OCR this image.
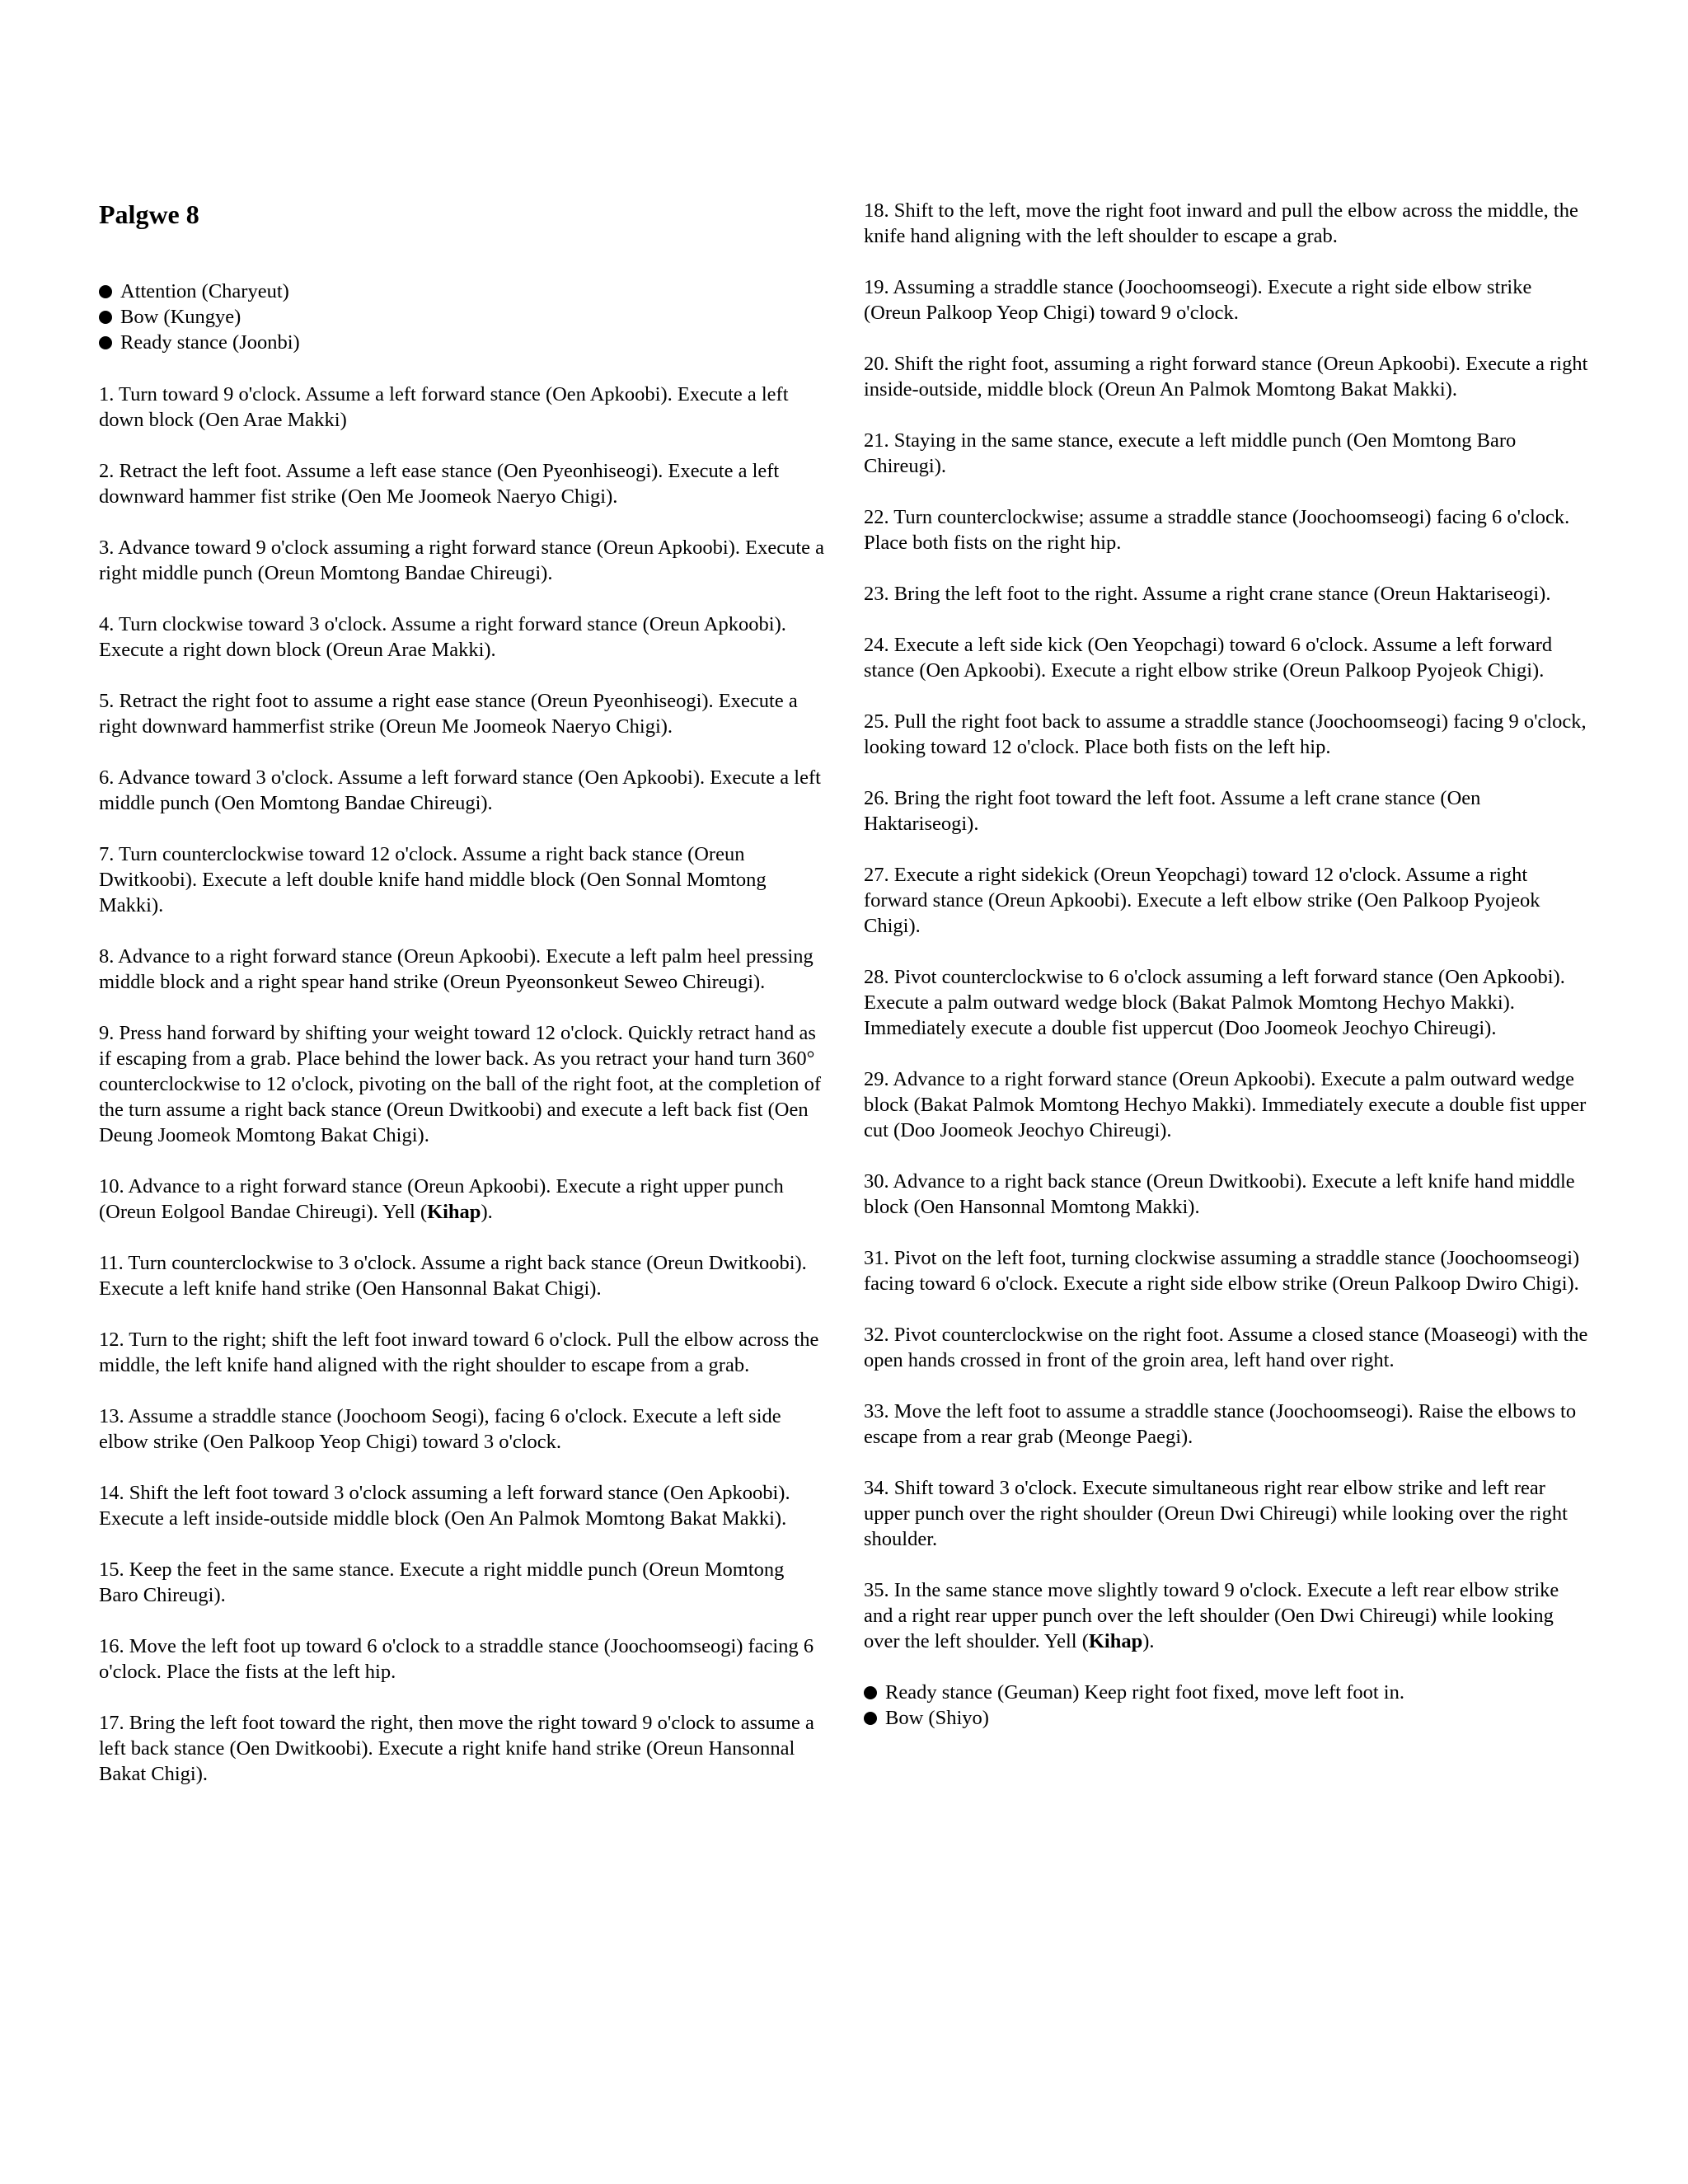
Palgwe 8
Attention (Charyeut)
Bow (Kungye)
Ready stance (Joonbi)
1. Turn toward 9 o'clock. Assume a left forward stance (Oen Apkoobi). Execute a left down block (Oen Arae Makki)
2. Retract the left foot. Assume a left ease stance (Oen Pyeonhiseogi). Execute a left downward hammer fist strike (Oen Me Joomeok Naeryo Chigi).
3. Advance toward 9 o'clock assuming a right forward stance (Oreun Apkoobi). Execute a right middle punch (Oreun Momtong Bandae Chireugi).
4. Turn clockwise toward 3 o'clock. Assume a right forward stance (Oreun Apkoobi). Execute a right down block (Oreun Arae Makki).
5. Retract the right foot to assume a right ease stance (Oreun Pyeonhiseogi). Execute a right downward hammerfist strike (Oreun Me Joomeok Naeryo Chigi).
6. Advance toward 3 o'clock. Assume a left forward stance (Oen Apkoobi). Execute a left middle punch (Oen Momtong Bandae Chireugi).
7. Turn counterclockwise toward 12 o'clock. Assume a right back stance (Oreun Dwitkoobi). Execute a left double knife hand middle block (Oen Sonnal Momtong Makki).
8. Advance to a right forward stance (Oreun Apkoobi). Execute a left palm heel pressing middle block and a right spear hand strike (Oreun Pyeonsonkeut Seweo Chireugi).
9. Press hand forward by shifting your weight toward 12 o'clock. Quickly retract hand as if escaping from a grab. Place behind the lower back. As you retract your hand turn 360° counterclockwise to 12 o'clock, pivoting on the ball of the right foot, at the completion of the turn assume a right back stance (Oreun Dwitkoobi) and execute a left back fist (Oen Deung Joomeok Momtong Bakat Chigi).
10. Advance to a right forward stance (Oreun Apkoobi). Execute a right upper punch (Oreun Eolgool Bandae Chireugi). Yell (Kihap).
11. Turn counterclockwise to 3 o'clock. Assume a right back stance (Oreun Dwitkoobi). Execute a left knife hand strike (Oen Hansonnal Bakat Chigi).
12. Turn to the right; shift the left foot inward toward 6 o'clock. Pull the elbow across the middle, the left knife hand aligned with the right shoulder to escape from a grab.
13. Assume a straddle stance (Joochoom Seogi), facing 6 o'clock. Execute a left side elbow strike (Oen Palkoop Yeop Chigi) toward 3 o'clock.
14. Shift the left foot toward 3 o'clock assuming a left forward stance (Oen Apkoobi). Execute a left inside-outside middle block (Oen An Palmok Momtong Bakat Makki).
15. Keep the feet in the same stance. Execute a right middle punch (Oreun Momtong Baro Chireugi).
16. Move the left foot up toward 6 o'clock to a straddle stance (Joochoomseogi) facing 6 o'clock. Place the fists at the left hip.
17. Bring the left foot toward the right, then move the right toward 9 o'clock to assume a left back stance (Oen Dwitkoobi). Execute a right knife hand strike (Oreun Hansonnal Bakat Chigi).
18. Shift to the left, move the right foot inward and pull the elbow across the middle, the knife hand aligning with the left shoulder to escape a grab.
19. Assuming a straddle stance (Joochoomseogi). Execute a right side elbow strike (Oreun Palkoop Yeop Chigi) toward 9 o'clock.
20. Shift the right foot, assuming a right forward stance (Oreun Apkoobi). Execute a right inside-outside, middle block (Oreun An Palmok Momtong Bakat Makki).
21. Staying in the same stance, execute a left middle punch (Oen Momtong Baro Chireugi).
22. Turn counterclockwise; assume a straddle stance (Joochoomseogi) facing 6 o'clock. Place both fists on the right hip.
23. Bring the left foot to the right. Assume a right crane stance (Oreun Haktariseogi).
24. Execute a left side kick (Oen Yeopchagi) toward 6 o'clock. Assume a left forward stance (Oen Apkoobi). Execute a right elbow strike (Oreun Palkoop Pyojeok Chigi).
25. Pull the right foot back to assume a straddle stance (Joochoomseogi) facing 9 o'clock, looking toward 12 o'clock. Place both fists on the left hip.
26. Bring the right foot toward the left foot. Assume a left crane stance (Oen Haktariseogi).
27. Execute a right sidekick (Oreun Yeopchagi) toward 12 o'clock. Assume a right forward stance (Oreun Apkoobi). Execute a left elbow strike (Oen Palkoop Pyojeok Chigi).
28. Pivot counterclockwise to 6 o'clock assuming a left forward stance (Oen Apkoobi). Execute a palm outward wedge block (Bakat Palmok Momtong Hechyo Makki). Immediately execute a double fist uppercut (Doo Joomeok Jeochyo Chireugi).
29. Advance to a right forward stance (Oreun Apkoobi). Execute a palm outward wedge block (Bakat Palmok Momtong Hechyo Makki). Immediately execute a double fist upper cut (Doo Joomeok Jeochyo Chireugi).
30. Advance to a right back stance (Oreun Dwitkoobi). Execute a left knife hand middle block (Oen Hansonnal Momtong Makki).
31. Pivot on the left foot, turning clockwise assuming a straddle stance (Joochoomseogi) facing toward 6 o'clock. Execute a right side elbow strike (Oreun Palkoop Dwiro Chigi).
32. Pivot counterclockwise on the right foot. Assume a closed stance (Moaseogi) with the open hands crossed in front of the groin area, left hand over right.
33. Move the left foot to assume a straddle stance (Joochoomseogi). Raise the elbows to escape from a rear grab (Meonge Paegi).
34. Shift toward 3 o'clock. Execute simultaneous right rear elbow strike and left rear upper punch over the right shoulder (Oreun Dwi Chireugi) while looking over the right shoulder.
35. In the same stance move slightly toward 9 o'clock. Execute a left rear elbow strike and a right rear upper punch over the left shoulder (Oen Dwi Chireugi) while looking over the left shoulder. Yell (Kihap).
Ready stance (Geuman) Keep right foot fixed, move left foot in.
Bow (Shiyo)
